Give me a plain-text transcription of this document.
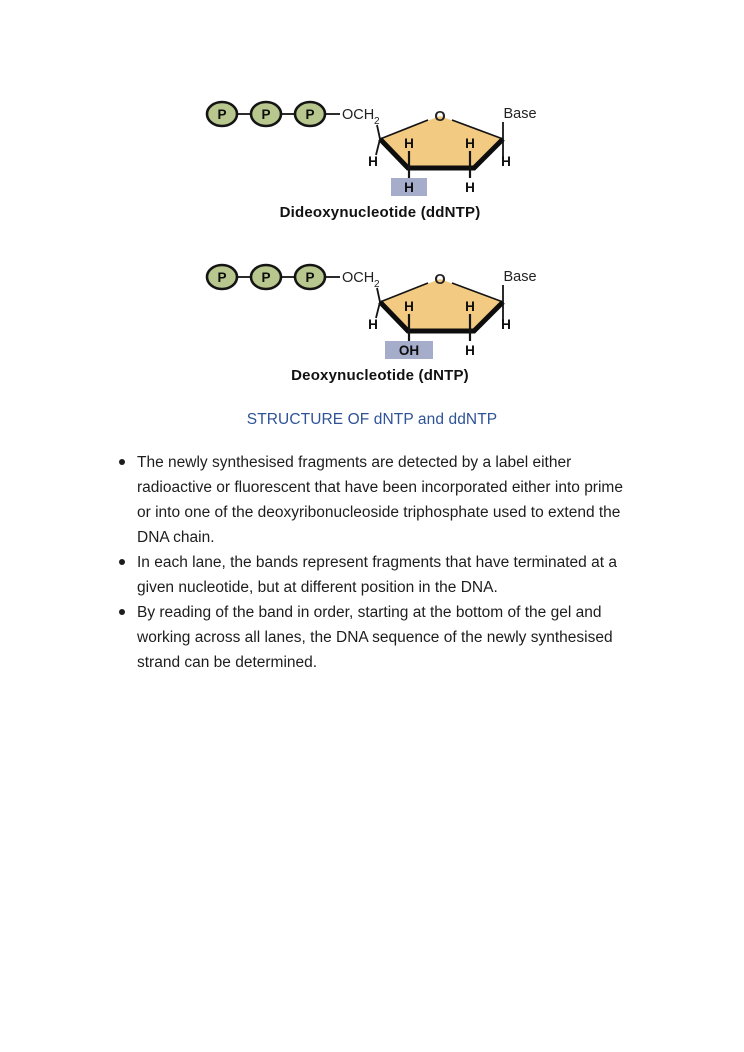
P	P	P OCH 2	O	Base
H
H
H	H
H	H
Dideoxynucleotide (ddNTP)
P	P	P OCH 2	O	Base
H
H
H	H
OH	H
Deoxynucleotide (dNTP)
STRUCTURE OF dNTP and ddNTP
The newly synthesised fragments are detected by a label either
radioactive or fluorescent that have been incorporated either into prime
or into one of the deoxyribonucleoside triphosphate used to extend the
DNA chain.
In each lane, the bands represent fragments that have terminated at a
given nucleotide, but at different position in the DNA.
By reading of the band in order, starting at the bottom of the gel and
working across all lanes, the DNA sequence of the newly synthesised
strand can be determined.
